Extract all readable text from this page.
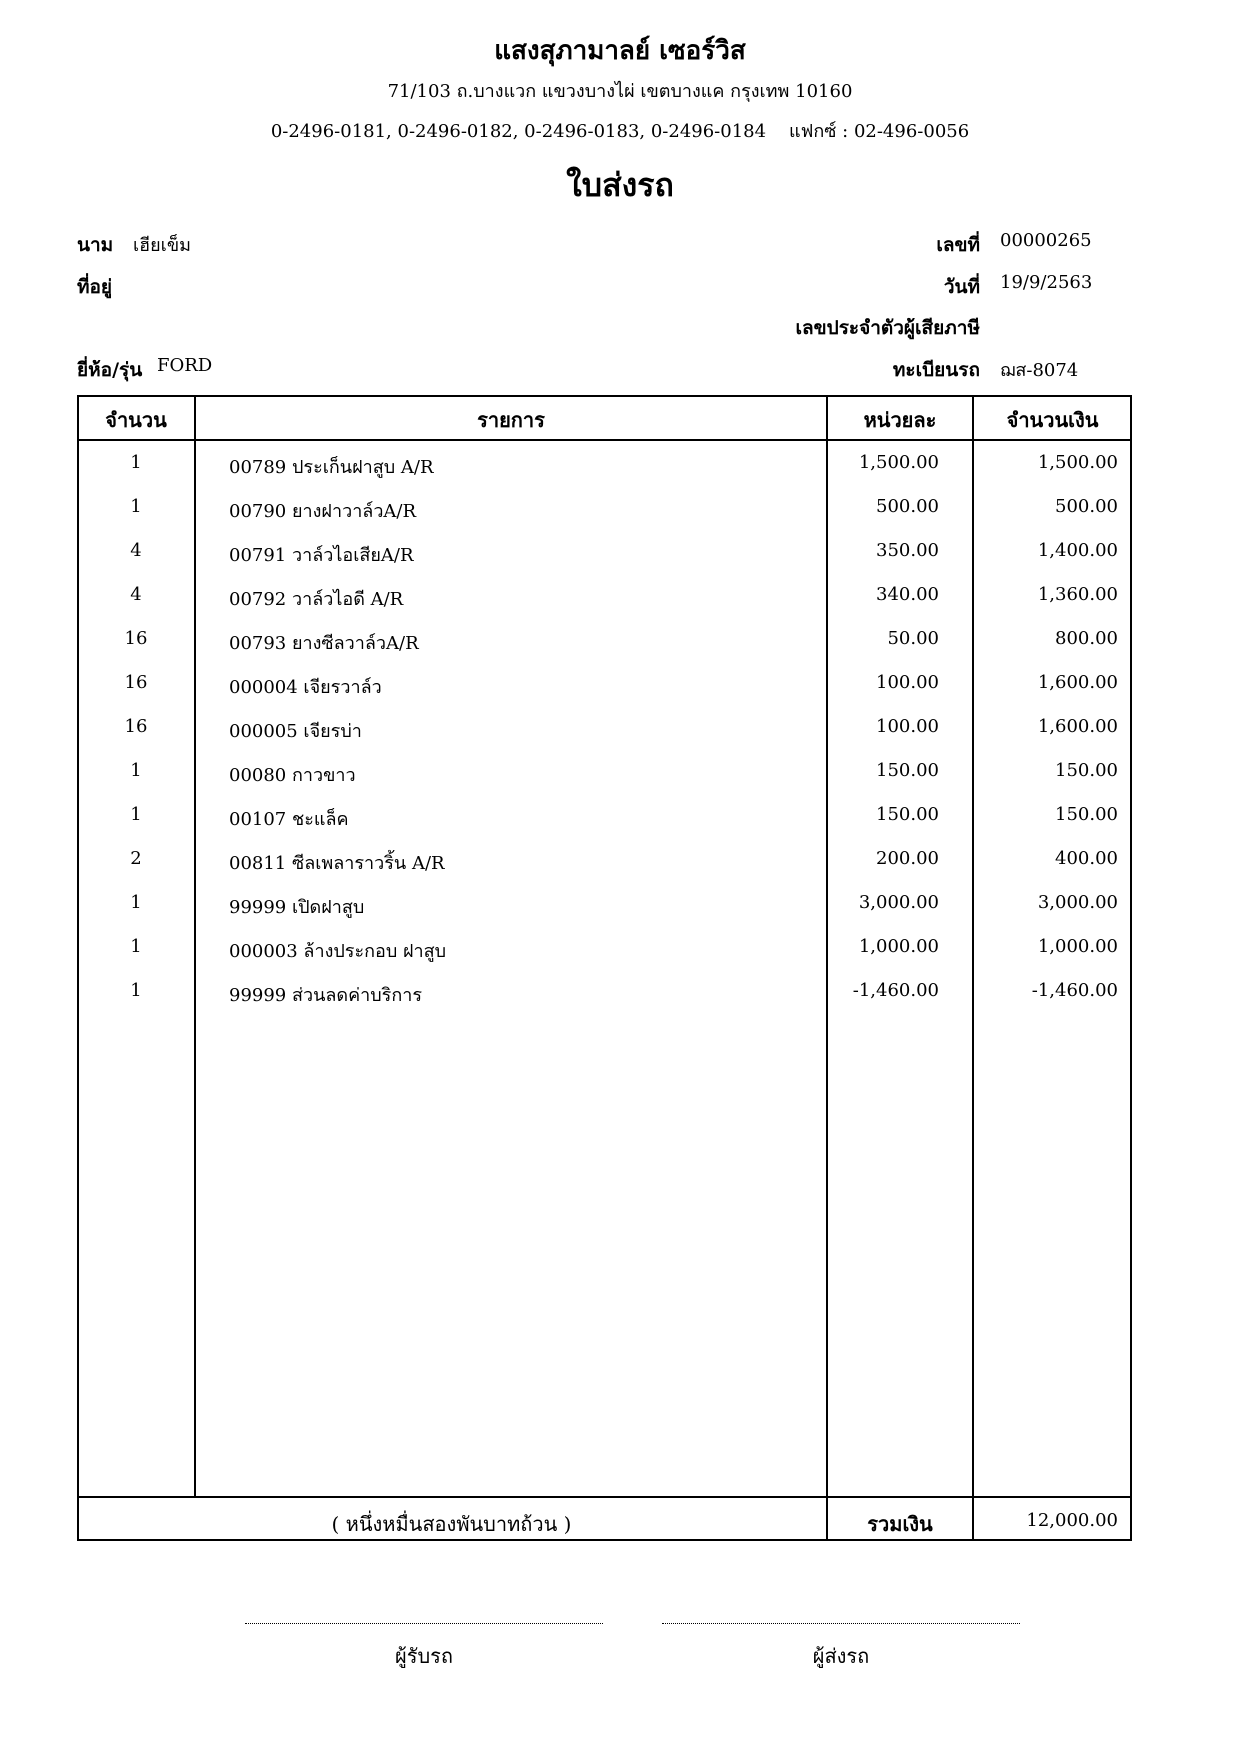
แสงสุภามาลย์ เซอร์วิส
71/103 ถ.บางแวก แขวงบางไผ่ เขตบางแค กรุงเทพ 10160
0-2496-0181, 0-2496-0182, 0-2496-0183, 0-2496-0184 แฟกซ์ : 02-496-0056
ใบส่งรถ
นาม เฮียเข็ม
ที่อยู่
ยี่ห้อ/รุ่น FORD
เลขที่ 00000265
วันที่ 19/9/2563
เลขประจำตัวผู้เสียภาษี
ทะเบียนรถ ฌส-8074
จำนวน	รายการ	หน่วยละ	จำนวนเงิน
1	00789 ประเก็นฝาสูบ A/R	1,500.00	1,500.00
1	00790 ยางฝาวาล์วA/R	500.00	500.00
4	00791 วาล์วไอเสียA/R	350.00	1,400.00
4	00792 วาล์วไอดี A/R	340.00	1,360.00
16	00793 ยางซีลวาล์วA/R	50.00	800.00
16	000004 เจียรวาล์ว	100.00	1,600.00
16	000005 เจียรบ่า	100.00	1,600.00
1	00080 กาวขาว	150.00	150.00
1	00107 ชะแล็ค	150.00	150.00
2	00811 ซีลเพลาราวริ้น A/R	200.00	400.00
1	99999 เปิดฝาสูบ	3,000.00	3,000.00
1	000003 ล้างประกอบ ฝาสูบ	1,000.00	1,000.00
1	99999 ส่วนลดค่าบริการ	-1,460.00	-1,460.00
( หนึ่งหมื่นสองพันบาทถ้วน )	รวมเงิน	12,000.00
ผู้รับรถ	ผู้ส่งรถ
